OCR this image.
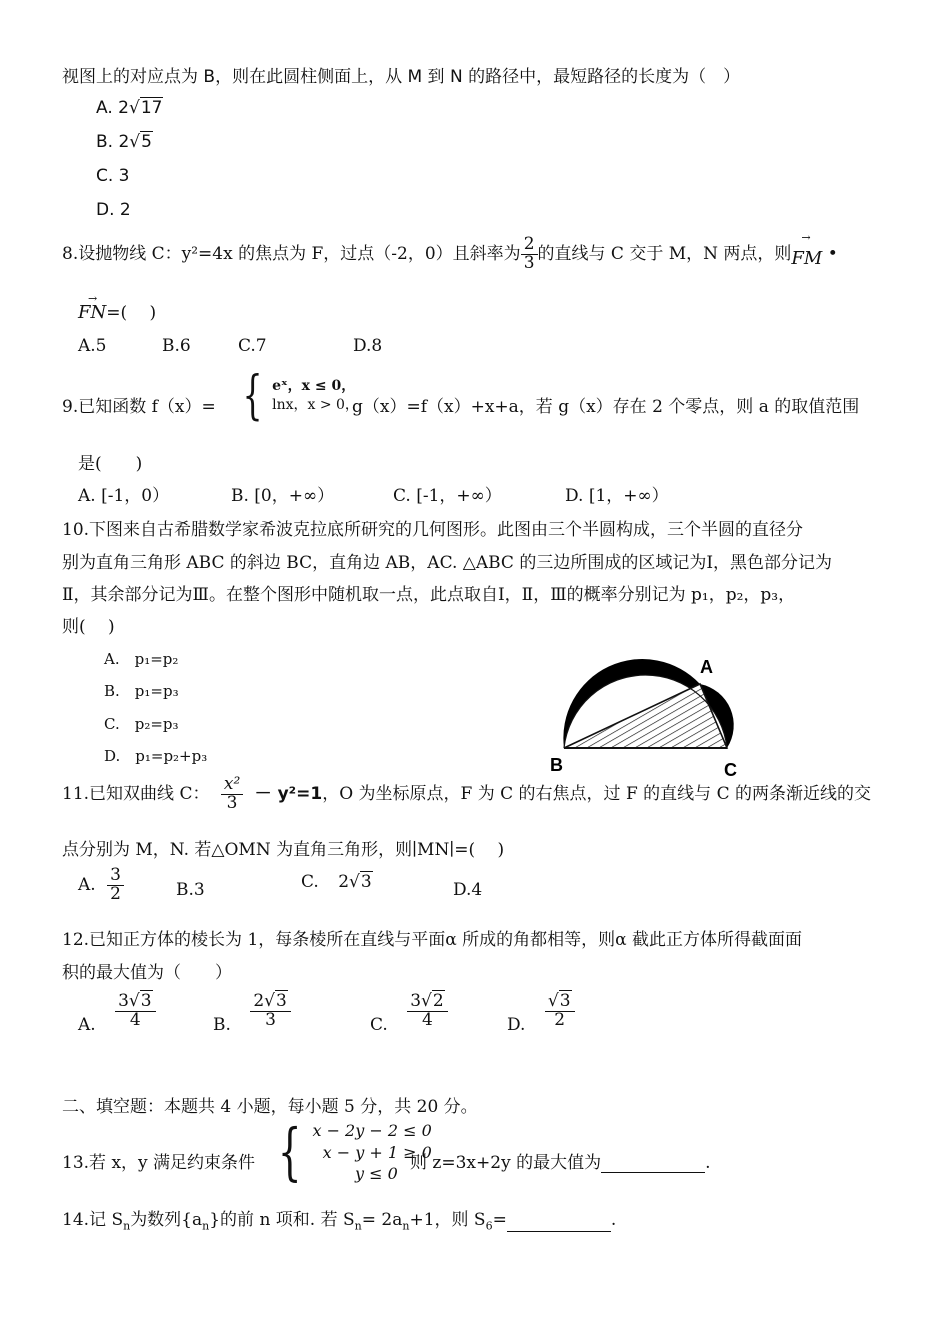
视图上的对应点为 B，则在此圆柱侧面上，从 M 到 N 的路径中，最短路径的长度为（　）
A. 2√17
B. 2√5
C. 3
D. 2
8.设抛物线 C：y²=4x 的焦点为 F，过点（-2，0）且斜率为 $\frac{2}{3}$ 的直线与 C 交于 M，N 两点，则
→
FM •
→
FN=(　 )
A.5	B.6	C.7	D.8
9.已知函数 f（x）= { eˣ，x ≤ 0，
lnx，x > 0，
g（x）=f（x）+x+a，若 g（x）存在 2 个零点，则 a 的取值范围
是(　　)
A. [-1，0）	B. [0，+∞）	C. [-1，+∞）	D. [1，+∞）
10.下图来自古希腊数学家希波克拉底所研究的几何图形。此图由三个半圆构成，三个半圆的直径分
别为直角三角形 ABC 的斜边 BC，直角边 AB，AC. △ABC 的三边所围成的区域记为Ⅰ，黑色部分记为
Ⅱ，其余部分记为Ⅲ。在整个图形中随机取一点，此点取自Ⅰ，Ⅱ，Ⅲ的概率分别记为 p₁，p₂，p₃，
则(　 )
A.　p₁=p₂
B.　p₁=p₃
C.　p₂=p₃
D.　p₁=p₂+p₃
A
B	C
11.已知双曲线 C： $\frac{\text{x²}}{3} - y^2=1$，O 为坐标原点，F 为 C 的右焦点，过 F 的直线与 C 的两条渐近线的交
点分别为 M，N. 若△OMN 为直角三角形，则∣MN∣=(　 )
A. $\frac{3}{2}$	B.3	C. 2√3	D.4
12.已知正方体的棱长为 1，每条棱所在直线与平面α 所成的角都相等，则α 截此正方体所得截面面
积的最大值为（　　）
A. $\frac{3√3}{4}$	B. $\frac{2√3}{3}$	C. $\frac{3√2}{4}$	D. $\frac{√3}{2}$
二、填空题：本题共 4 小题，每小题 5 分，共 20 分。
13.若 x，y 满足约束条件 { x − 2y − 2 ≤ 0
x − y + 1 ≥ 0
y ≤ 0
则 z=3x+2y 的最大值为	.
14.记 $S_n$为数列$\{a_n\}$的前 n 项和. 若 $S_n= 2a_n+1$，则 $S_6=$	.
